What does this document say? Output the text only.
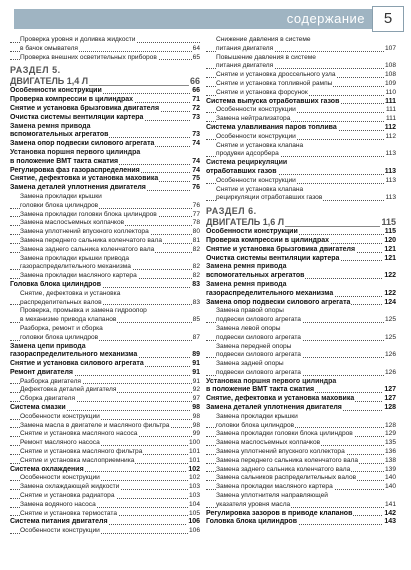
содержание	5
Проверка уровня и доливка жидкости
в бачок омывателя	64
Проверка внешних осветительных приборов	65
РАЗДЕЛ 5.
ДВИГАТЕЛЬ 1,4 Л	66
Особенности конструкции	66
Проверка компрессии в цилиндрах	71
Снятие и установка брызговика двигателя	72
Очистка системы вентиляции картера	73
Замена ремня привода
вспомогательных агрегатов	73
Замена опор подвески силового агрегата	74
Установка поршня первого цилиндра
в положение ВМТ такта сжатия	74
Регулировка фаз газораспределения	74
Снятие, дефектовка и установка маховика	75
Замена деталей уплотнения двигателя	76
Замена прокладки крышки
головки блока цилиндров	76
Замена прокладки головки блока цилиндров	77
Замена маслосъемных колпачков	78
Замена уплотнений впускного коллектора	80
Замена переднего сальника коленчатого вала	81
Замена заднего сальника коленчатого вала	82
Замена прокладки крышки привода
газораспределительного механизма	82
Замена прокладки масляного картера	82
Головка блока цилиндров	83
Снятие, дефектовка и установка
распределительных валов	83
Проверка, промывка и замена гидроопор
в механизме привода клапанов	85
Разборка, ремонт и сборка
головки блока цилиндров	87
Замена цепи привода
газораспределительного механизма	89
Снятие и установка силового агрегата	91
Ремонт двигателя	91
Разборка двигателя	91
Дефектовка деталей двигателя	92
Сборка двигателя	97
Система смазки	98
Особенности конструкции	98
Замена масла в двигателе и масляного фильтра	98
Снятие и установка масляного насоса	99
Ремонт масляного насоса	100
Снятие и установка масляного фильтра	101
Снятие и установка маслоприемника	101
Система охлаждения	102
Особенности конструкции	102
Замена охлаждающей жидкости	103
Снятие и установка радиатора	103
Замена водяного насоса	104
Снятие и установка термостата	105
Система питания двигателя	106
Особенности конструкции	106
Снижение давления в системе
питания двигателя	107
Повышение давления в системе
питания двигателя	108
Снятие и установка дроссельного узла	108
Снятие и установка топливной рампы	109
Снятие и установка форсунок	110
Система выпуска отработавших газов	111
Особенности конструкции	111
Замена нейтрализатора	111
Система улавливания паров топлива	112
Особенности конструкции	112
Снятие и установка клапана
продувки адсорбера	113
Система рециркуляции
отработавших газов	113
Особенности конструкции	113
Снятие и установка клапана
рециркуляции отработавших газов	113
РАЗДЕЛ 6.
ДВИГАТЕЛЬ 1,6 Л	115
Особенности конструкции	115
Проверка компрессии в цилиндрах	120
Снятие и установка брызговика двигателя	121
Очистка системы вентиляции картера	121
Замена ремня привода
вспомогательных агрегатов	122
Замена ремня привода
газораспределительного механизма	122
Замена опор подвески силового агрегата	124
Замена правой опоры
подвески силового агрегата	125
Замена левой опоры
подвески силового агрегата	125
Замена передней опоры
подвески силового агрегата	126
Замена задней опоры
подвески силового агрегата	126
Установка поршня первого цилиндра
в положение ВМТ такта сжатия	127
Снятие, дефектовка и установка маховика	127
Замена деталей уплотнения двигателя	128
Замена прокладки крышки
головки блока цилиндров	128
Замена прокладки головки блока цилиндров	129
Замена маслосъемных колпачков	135
Замена уплотнений впускного коллектора	136
Замена переднего сальника коленчатого вала	138
Замена заднего сальника коленчатого вала	139
Замена сальников распределительных валов	140
Замена прокладки масляного картера	140
Замена уплотнителя направляющей
указателя уровня масла	141
Регулировка зазоров в приводе клапанов	142
Головка блока цилиндров	143
